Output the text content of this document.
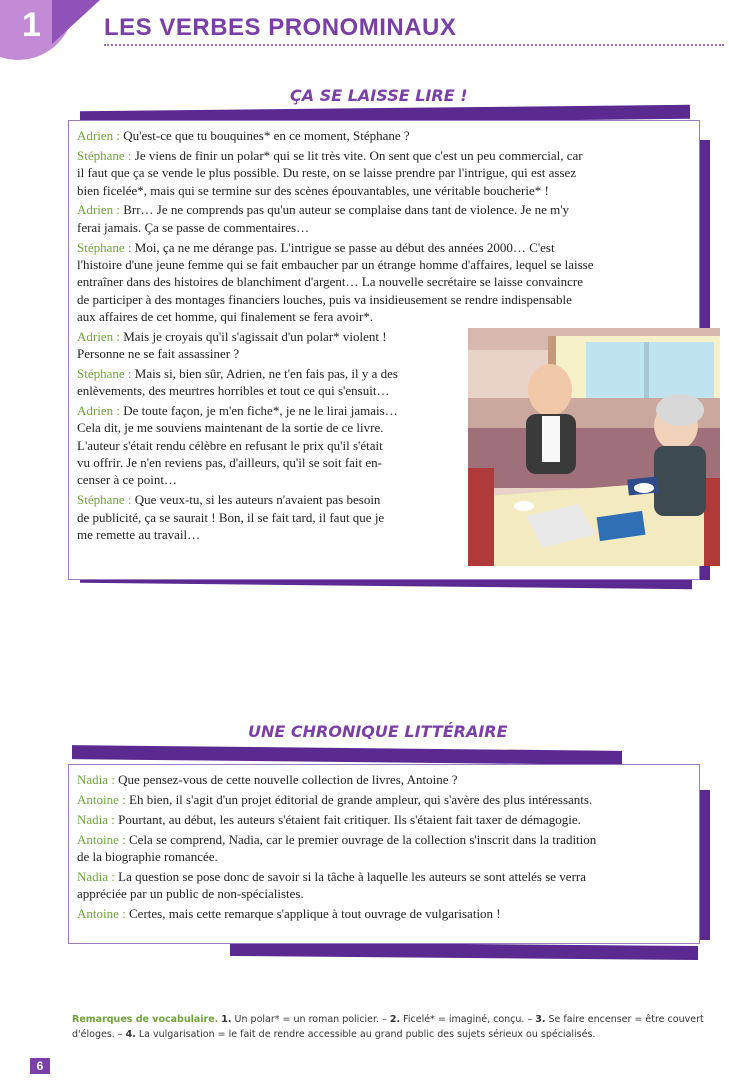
1	LES VERBES PRONOMINAUX
ÇA SE LAISSE LIRE !

Adrien : Qu'est-ce que tu bouquines* en ce moment, Stéphane ?

Stéphane : Je viens de finir un polar* qui se lit très vite. On sent que c'est un peu commercial, car

il faut que ça se vende le plus possible. Du reste, on se laisse prendre par l'intrigue, qui est assez

bien ficelée*, mais qui se termine sur des scènes épouvantables, une véritable boucherie* !

Adrien : Brr… Je ne comprends pas qu'un auteur se complaise dans tant de violence. Je ne m'y

ferai jamais. Ça se passe de commentaires…

Stéphane : Moi, ça ne me dérange pas. L'intrigue se passe au début des années 2000… C'est

l'histoire d'une jeune femme qui se fait embaucher par un étrange homme d'affaires, lequel se laisse

entraîner dans des histoires de blanchiment d'argent… La nouvelle secrétaire se laisse convaincre

de participer à des montages financiers louches, puis va insidieusement se rendre indispensable

aux affaires de cet homme, qui finalement se fera avoir*.

Adrien : Mais je croyais qu'il s'agissait d'un polar* violent !

Personne ne se fait assassiner ?

Stéphane : Mais si, bien sûr, Adrien, ne t'en fais pas, il y a des

enlèvements, des meurtres horribles et tout ce qui s'ensuit…

Adrien : De toute façon, je m'en fiche*, je ne le lirai jamais…

Cela dit, je me souviens maintenant de la sortie de ce livre.

L'auteur s'était rendu célèbre en refusant le prix qu'il s'était

vu offrir. Je n'en reviens pas, d'ailleurs, qu'il se soit fait en-

censer à ce point…

Stéphane : Que veux-tu, si les auteurs n'avaient pas besoin

de publicité, ça se saurait ! Bon, il se fait tard, il faut que je

me remette au travail…

UNE CHRONIQUE LITTÉRAIRE

Nadia : Que pensez-vous de cette nouvelle collection de livres, Antoine ?

Antoine : Eh bien, il s'agit d'un projet éditorial de grande ampleur, qui s'avère des plus intéressants.

Nadia : Pourtant, au début, les auteurs s'étaient fait critiquer. Ils s'étaient fait taxer de démagogie.

Antoine : Cela se comprend, Nadia, car le premier ouvrage de la collection s'inscrit dans la tradition

de la biographie romancée.

Nadia : La question se pose donc de savoir si la tâche à laquelle les auteurs se sont attelés se verra

appréciée par un public de non-spécialistes.

Antoine : Certes, mais cette remarque s'applique à tout ouvrage de vulgarisation !

Remarques de vocabulaire. 1. Un polar* = un roman policier. – 2. Ficelé* = imaginé, conçu. – 3. Se faire encenser = être couvert d'éloges. – 4. La vulgarisation = le fait de rendre accessible au grand public des sujets sérieux ou spécialisés.
6
